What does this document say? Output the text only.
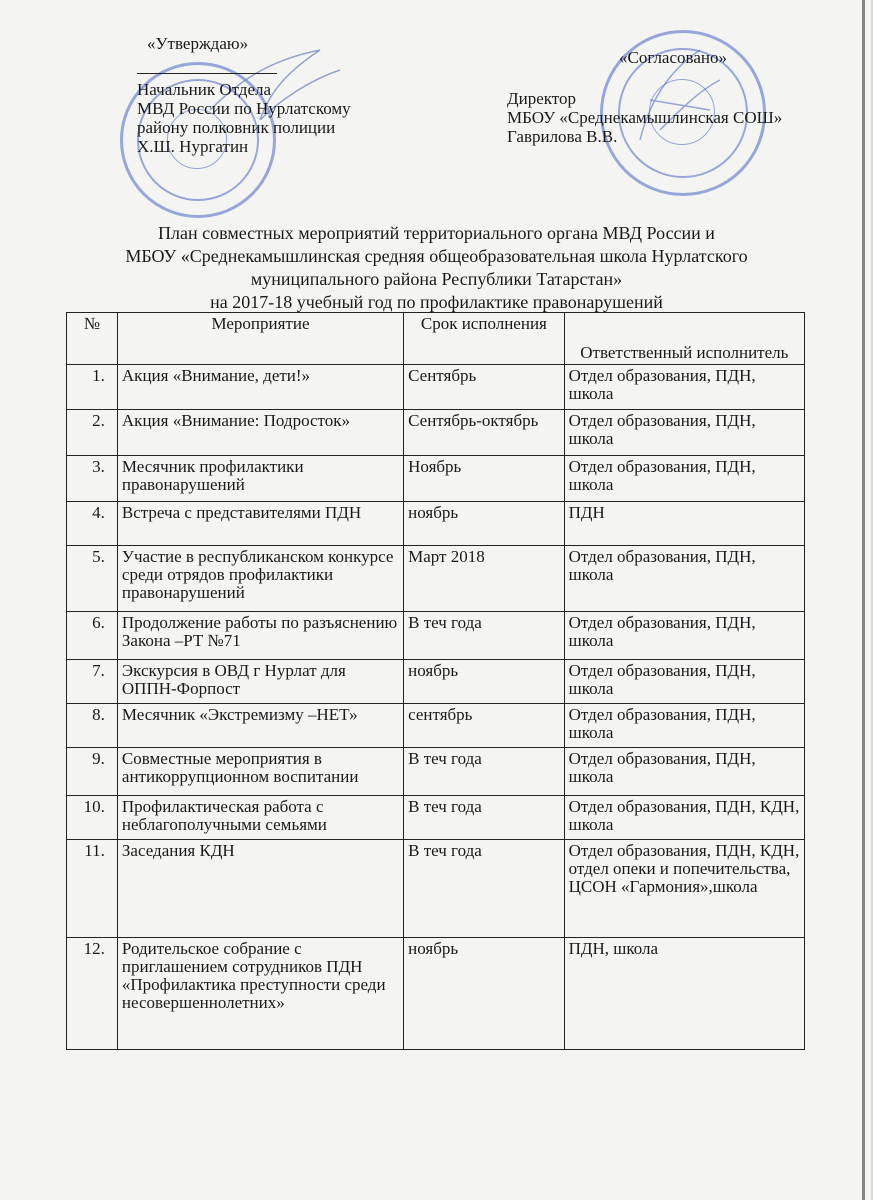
«Утверждаю»
Начальник Отдела
МВД России по Нурлатскому
району полковник полиции
Х.Ш. Нургатин
«Согласовано»
Директор
МБОУ «Среднекамышлинская СОШ»
Гаврилова В.В.
План совместных мероприятий территориального органа МВД России и
МБОУ «Среднекамышлинская средняя общеобразовательная школа Нурлатского
муниципального района Республики Татарстан»
на 2017-18 учебный год по профилактике правонарушений
№	Мероприятие	Срок исполнения	Ответственный исполнитель
1.	Акция «Внимание, дети!»	Сентябрь	Отдел образования, ПДН, школа
2.	Акция «Внимание: Подросток»	Сентябрь-октябрь	Отдел образования, ПДН, школа
3.	Месячник профилактики правонарушений	Ноябрь	Отдел образования, ПДН, школа
4.	Встреча с представителями ПДН	ноябрь	ПДН
5.	Участие в республиканском конкурсе среди отрядов профилактики правонарушений	Март 2018	Отдел образования, ПДН, школа
6.	Продолжение работы по разъяснению Закона –РТ №71	В теч года	Отдел образования, ПДН, школа
7.	Экскурсия в ОВД г Нурлат для ОППН-Форпост	ноябрь	Отдел образования, ПДН, школа
8.	Месячник «Экстремизму –НЕТ»	сентябрь	Отдел образования, ПДН, школа
9.	Совместные мероприятия в антикоррупционном воспитании	В теч года	Отдел образования, ПДН, школа
10.	Профилактическая работа с неблагополучными семьями	В теч года	Отдел образования, ПДН, КДН, школа
11.	Заседания КДН	В теч года	Отдел образования, ПДН, КДН, отдел опеки и попечительства, ЦСОН «Гармония»,школа
12.	Родительское собрание с приглашением сотрудников ПДН «Профилактика преступности среди несовершеннолетних»	ноябрь	ПДН, школа
